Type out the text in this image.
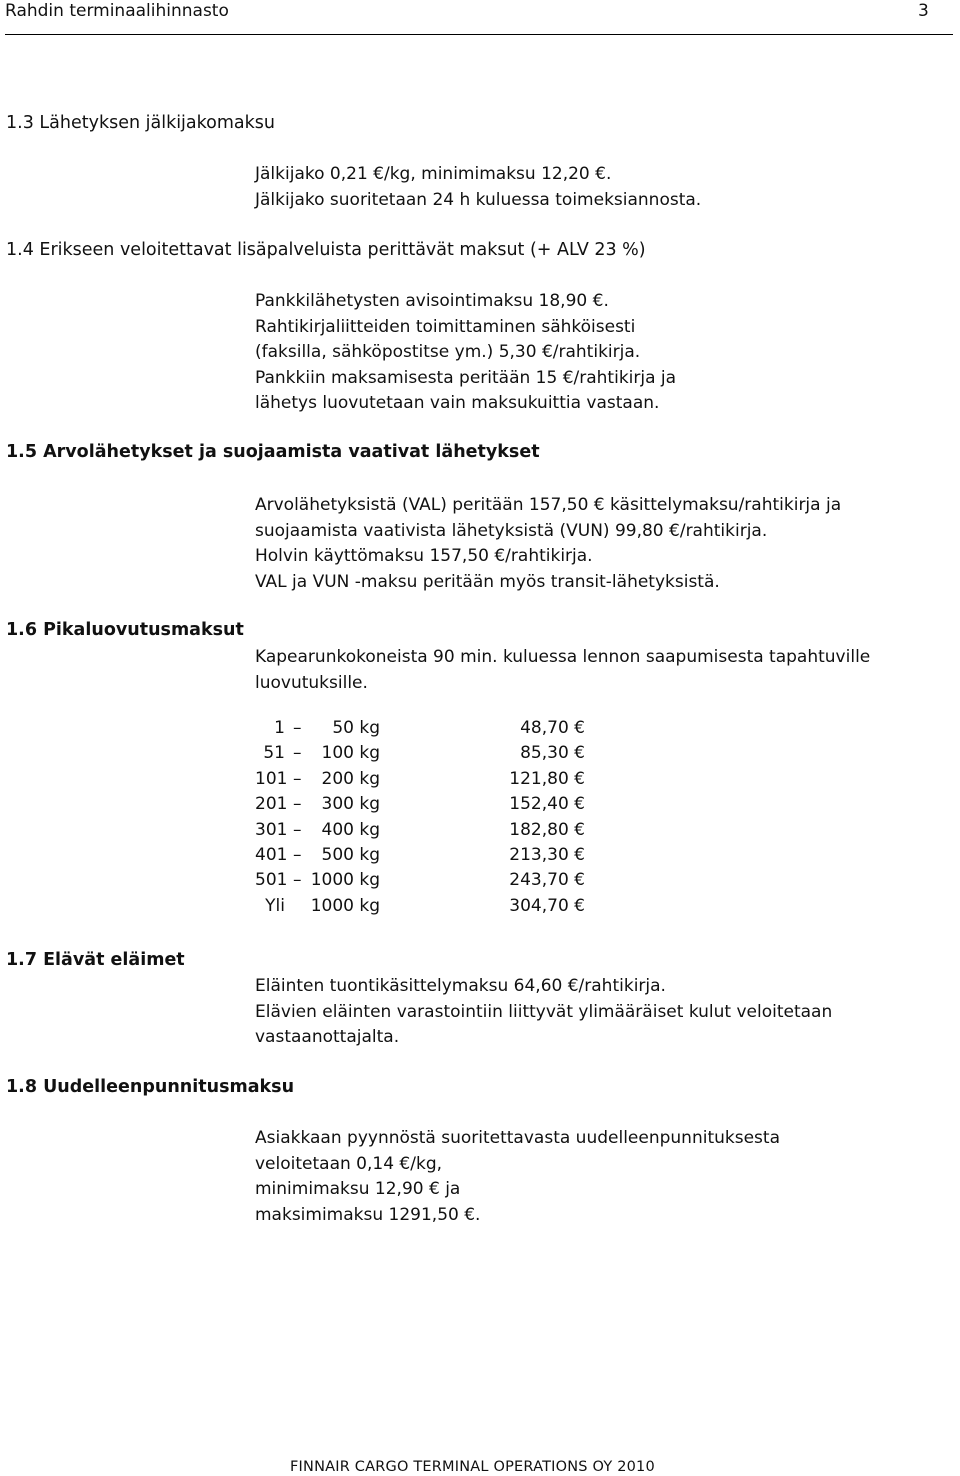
Rahdin terminaalihinnasto	3
1.3 Lähetyksen jälkijakomaksu
Jälkijako 0,21 €/kg, minimimaksu 12,20 €.
Jälkijako suoritetaan 24 h kuluessa toimeksiannosta.
1.4 Erikseen veloitettavat lisäpalveluista perittävät maksut (+ ALV 23 %)
Pankkilähetysten avisointimaksu 18,90 €.
Rahtikirjaliitteiden toimittaminen sähköisesti
(faksilla, sähköpostitse ym.) 5,30 €/rahtikirja.
Pankkiin maksamisesta peritään 15 €/rahtikirja ja
lähetys luovutetaan vain maksukuittia vastaan.
1.5 Arvolähetykset ja suojaamista vaativat lähetykset
Arvolähetyksistä (VAL) peritään 157,50 € käsittelymaksu/rahtikirja ja
suojaamista vaativista lähetyksistä (VUN) 99,80 €/rahtikirja.
Holvin käyttömaksu 157,50 €/rahtikirja.
VAL ja VUN -maksu peritään myös transit-lähetyksistä.
1.6 Pikaluovutusmaksut
Kapearunkokoneista 90 min. kuluessa lennon saapumisesta tapahtuville
luovutuksille.
1 –	50 kg	48,70 €
51 –	100 kg	85,30 €
101 –	200 kg	121,80 €
201 –	300 kg	152,40 €
301 –	400 kg	182,80 €
401 –	500 kg	213,30 €
501 – 1000 kg	243,70 €
Yli 1000 kg	304,70 €
1.7 Elävät eläimet
Eläinten tuontikäsittelymaksu 64,60 €/rahtikirja.
Elävien eläinten varastointiin liittyvät ylimääräiset kulut veloitetaan
vastaanottajalta.
1.8 Uudelleenpunnitusmaksu
Asiakkaan pyynnöstä suoritettavasta uudelleenpunnituksesta
veloitetaan 0,14 €/kg,
minimimaksu 12,90 € ja
maksimimaksu 1291,50 €.
FINNAIR CARGO TERMINAL OPERATIONS OY 2010
